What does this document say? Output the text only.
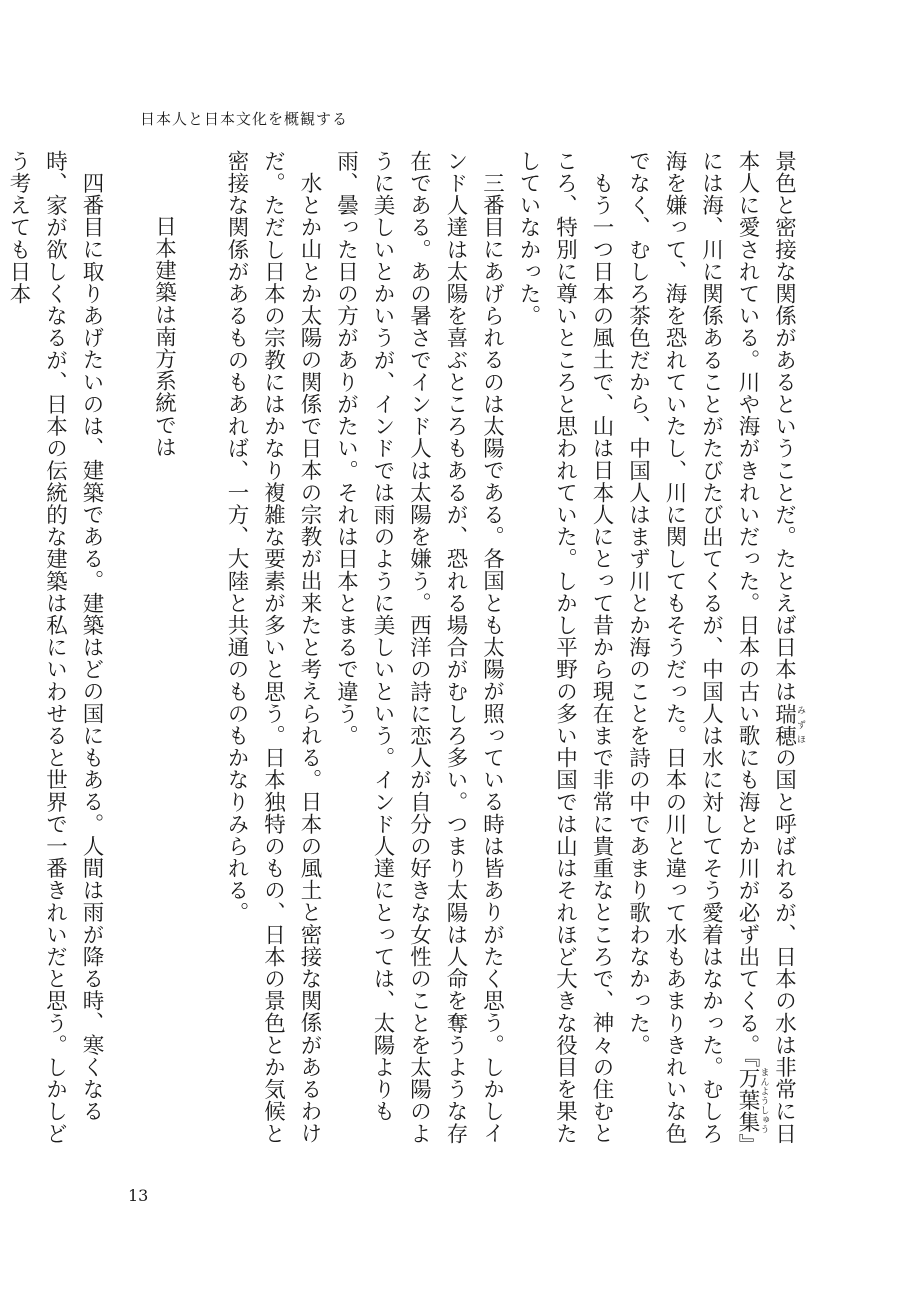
日本人と日本文化を概観する

景色と密接な関係があるということだ。たとえば日本は瑞穂みずほの国と呼ばれるが、日本の水は非常に日本人に愛されている。川や海がきれいだった。日本の古い歌にも海とか川が必ず出てくる。『万葉集まんようしゅう』には海、川に関係あることがたびたび出てくるが、中国人は水に対してそう愛着はなかった。むしろ海を嫌って、海を恐れていたし、川に関してもそうだった。日本の川と違って水もあまりきれいな色でなく、むしろ茶色だから、中国人はまず川とか海のことを詩の中であまり歌わなかった。

もう一つ日本の風土で、山は日本人にとって昔から現在まで非常に貴重なところで、神々の住むところ、特別に尊いところと思われていた。しかし平野の多い中国では山はそれほど大きな役目を果たしていなかった。

三番目にあげられるのは太陽である。各国とも太陽が照っている時は皆ありがたく思う。しかしインド人達は太陽を喜ぶところもあるが、恐れる場合がむしろ多い。つまり太陽は人命を奪うような存在である。あの暑さでインド人は太陽を嫌う。西洋の詩に恋人が自分の好きな女性のことを太陽のように美しいとかいうが、インドでは雨のように美しいという。インド人達にとっては、太陽よりも雨、曇った日の方がありがたい。それは日本とまるで違う。

水とか山とか太陽の関係で日本の宗教が出来たと考えられる。日本の風土と密接な関係があるわけだ。ただし日本の宗教にはかなり複雑な要素が多いと思う。日本独特のもの、日本の景色とか気候と密接な関係があるものもあれば、一方、大陸と共通のものもかなりみられる。

日本建築は南方系統では

四番目に取りあげたいのは、建築である。建築はどの国にもある。人間は雨が降る時、寒くなる時、家が欲しくなるが、日本の伝統的な建築は私にいわせると世界で一番きれいだと思う。しかしどう考えても日本

13
